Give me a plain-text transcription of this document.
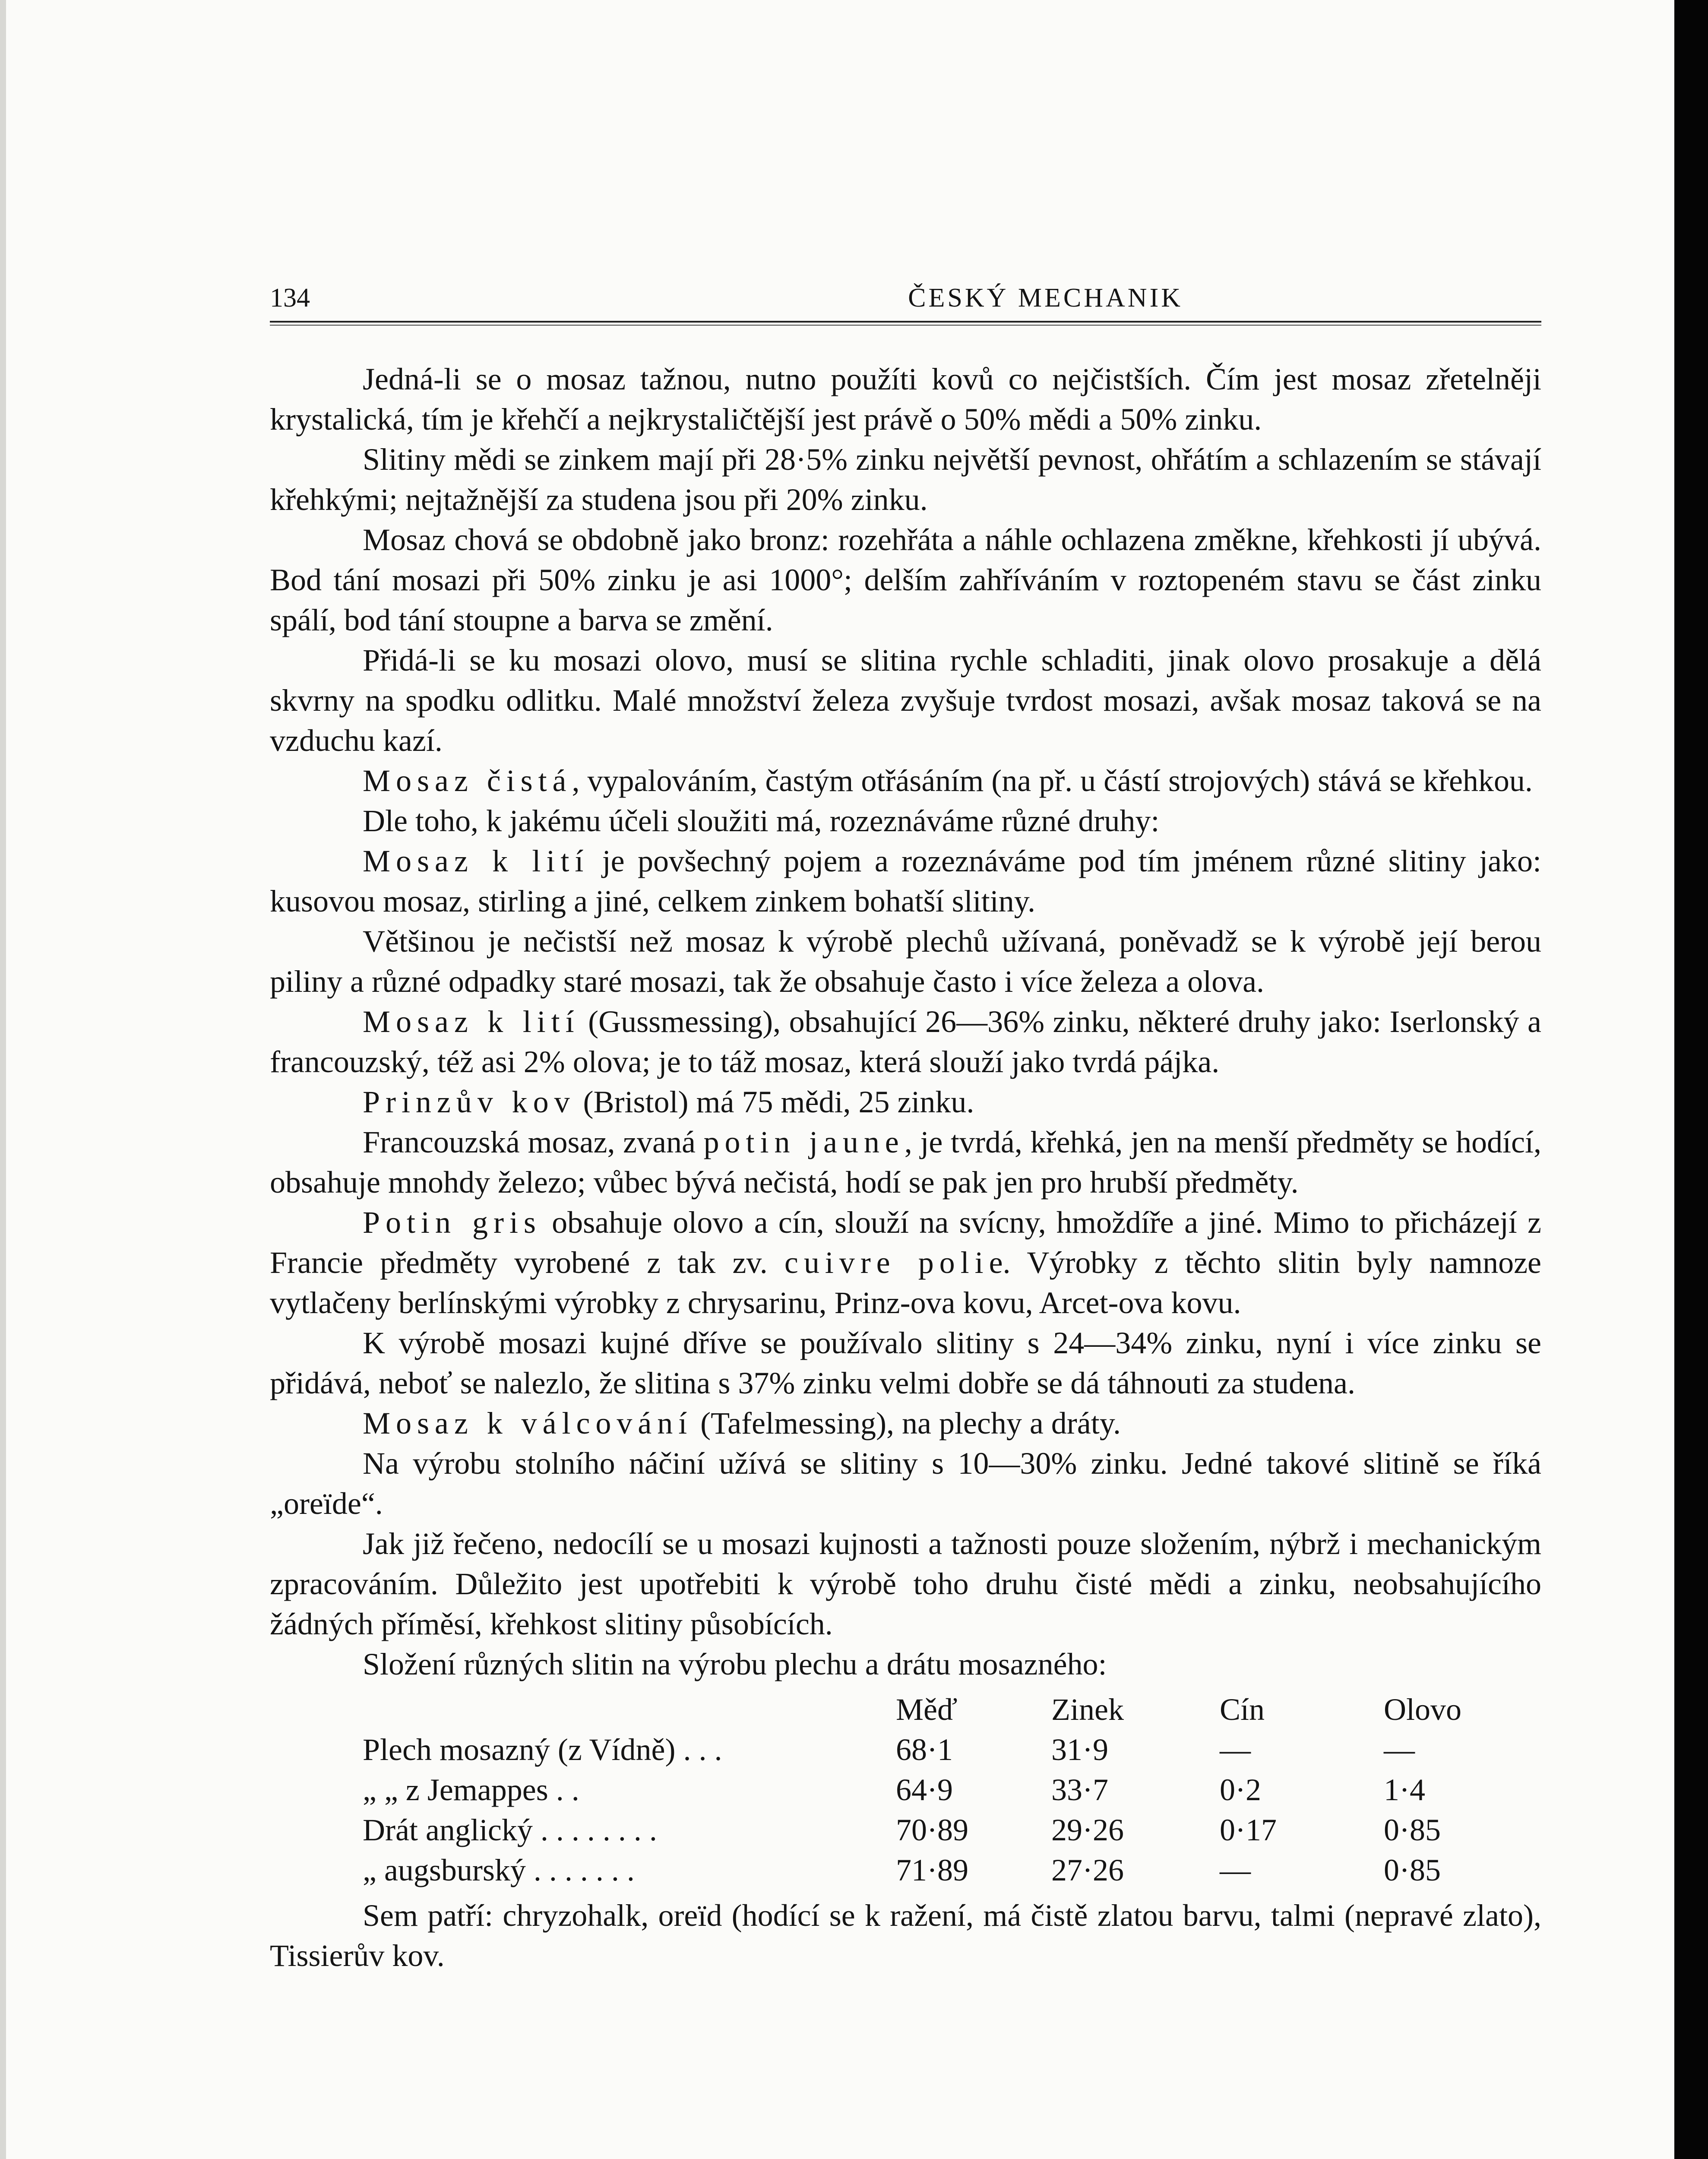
134	ČESKÝ MECHANIK

Jedná-li se o mosaz tažnou, nutno použíti kovů co nejčistších. Čím jest mosaz zřetelněji krystalická, tím je křehčí a nejkrystaličtější jest právě o 50% mědi a 50% zinku.

Slitiny mědi se zinkem mají při 28·5% zinku největší pevnost, ohřátím a schlazením se stávají křehkými; nejtažnější za studena jsou při 20% zinku.

Mosaz chová se obdobně jako bronz: rozehřáta a náhle ochlazena změkne, křehkosti jí ubývá. Bod tání mosazi při 50% zinku je asi 1000°; delším zahříváním v roztopeném stavu se část zinku spálí, bod tání stoupne a barva se změní.

Přidá-li se ku mosazi olovo, musí se slitina rychle schladiti, jinak olovo prosakuje a dělá skvrny na spodku odlitku. Malé množství železa zvyšuje tvrdost mosazi, avšak mosaz taková se na vzduchu kazí.

Mosaz čistá, vypalováním, častým otřásáním (na př. u částí strojových) stává se křehkou.

Dle toho, k jakému účeli sloužiti má, rozeznáváme různé druhy:

Mosaz k lití je povšechný pojem a rozeznáváme pod tím jménem různé slitiny jako: kusovou mosaz, stirling a jiné, celkem zinkem bohatší slitiny.

Většinou je nečistší než mosaz k výrobě plechů užívaná, poněvadž se k výrobě její berou piliny a různé odpadky staré mosazi, tak že obsahuje často i více železa a olova.

Mosaz k lití (Gussmessing), obsahující 26—36% zinku, některé druhy jako: Iserlonský a francouzský, též asi 2% olova; je to táž mosaz, která slouží jako tvrdá pájka.

Prinzův kov (Bristol) má 75 mědi, 25 zinku.

Francouzská mosaz, zvaná potin jaune, je tvrdá, křehká, jen na menší předměty se hodící, obsahuje mnohdy železo; vůbec bývá nečistá, hodí se pak jen pro hrubší předměty.

Potin gris obsahuje olovo a cín, slouží na svícny, hmoždíře a jiné. Mimo to přicházejí z Francie předměty vyrobené z tak zv. cuivre polie. Výrobky z těchto slitin byly namnoze vytlačeny berlínskými výrobky z chrysarinu, Prinz-ova kovu, Arcet-ova kovu.

K výrobě mosazi kujné dříve se používalo slitiny s 24—34% zinku, nyní i více zinku se přidává, neboť se nalezlo, že slitina s 37% zinku velmi dobře se dá táhnouti za studena.

Mosaz k válcování (Tafelmessing), na plechy a dráty.

Na výrobu stolního náčiní užívá se slitiny s 10—30% zinku. Jedné takové slitině se říká „oreïde“.

Jak již řečeno, nedocílí se u mosazi kujnosti a tažnosti pouze složením, nýbrž i mechanickým zpracováním. Důležito jest upotřebiti k výrobě toho druhu čisté mědi a zinku, neobsahujícího žádných příměsí, křehkost slitiny působících.

Složení různých slitin na výrobu plechu a drátu mosazného:

Měď	Zinek	Cín	Olovo
Plech mosazný (z Vídně) . . .	68·1	31·9	—	—
„ „ z Jemappes . .	64·9	33·7	0·2	1·4
Drát anglický . . . . . . . .	70·89	29·26	0·17	0·85
„ augsburský . . . . . . .	71·89	27·26	—	0·85

Sem patří: chryzohalk, oreïd (hodící se k ražení, má čistě zlatou barvu, talmi (nepravé zlato), Tissierův kov.
